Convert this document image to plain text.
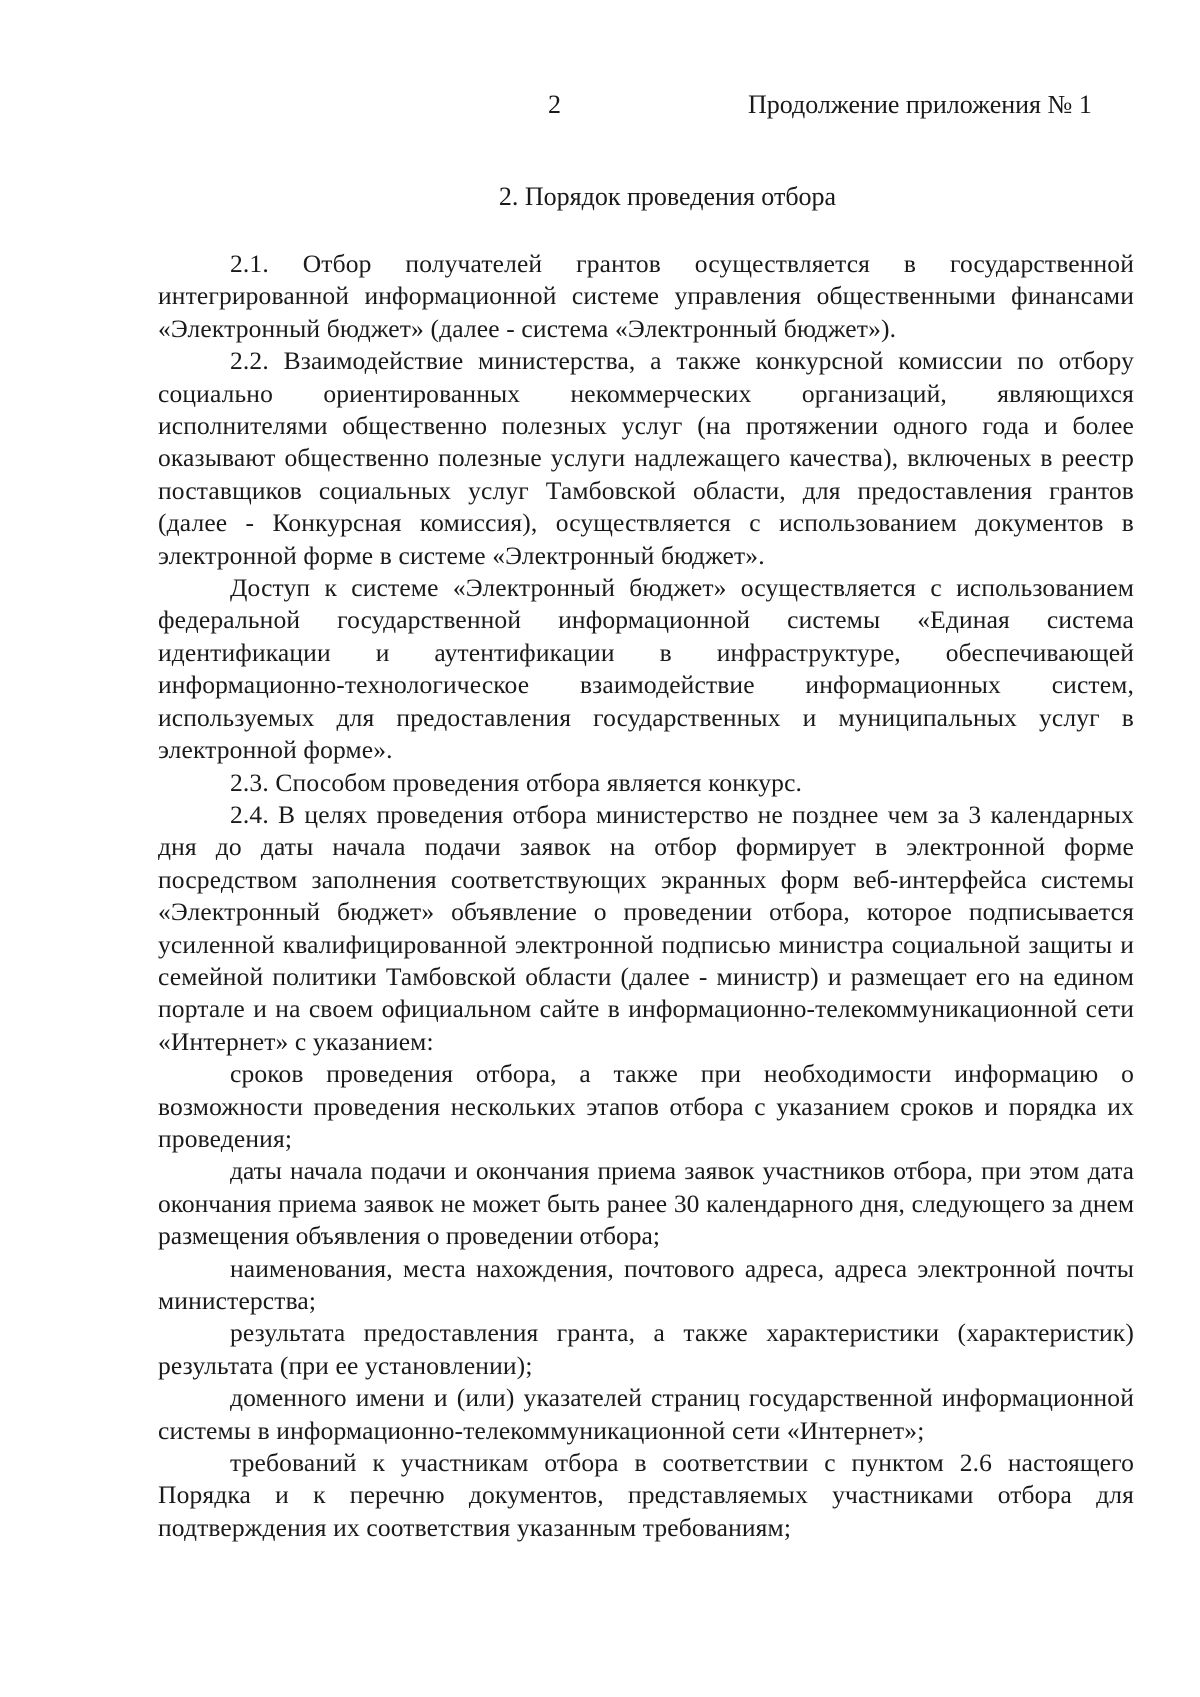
2	Продолжение приложения № 1
2. Порядок проведения отбора

2.1. Отбор получателей грантов осуществляется в государственной интегрированной информационной системе управления общественными финансами «Электронный бюджет» (далее - система «Электронный бюджет»).

2.2. Взаимодействие министерства, а также конкурсной комиссии по отбору социально ориентированных некоммерческих организаций, являющихся исполнителями общественно полезных услуг (на протяжении одного года и более оказывают общественно полезные услуги надлежащего качества), включеных в реестр поставщиков социальных услуг Тамбовской области, для предоставления грантов (далее - Конкурсная комиссия), осуществляется с использованием документов в электронной форме в системе «Электронный бюджет».

Доступ к системе «Электронный бюджет» осуществляется с использованием федеральной государственной информационной системы «Единая система идентификации и аутентификации в инфраструктуре, обеспечивающей информационно-технологическое взаимодействие информационных систем, используемых для предоставления государственных и муниципальных услуг в электронной форме».

2.3. Способом проведения отбора является конкурс.

2.4. В целях проведения отбора министерство не позднее чем за 3 календарных дня до даты начала подачи заявок на отбор формирует в электронной форме посредством заполнения соответствующих экранных форм веб-интерфейса системы «Электронный бюджет» объявление о проведении отбора, которое подписывается усиленной квалифицированной электронной подписью министра социальной защиты и семейной политики Тамбовской области (далее - министр) и размещает его на едином портале и на своем официальном сайте в информационно-телекоммуникационной сети «Интернет» с указанием:

сроков проведения отбора, а также при необходимости информацию о возможности проведения нескольких этапов отбора с указанием сроков и порядка их проведения;

даты начала подачи и окончания приема заявок участников отбора, при этом дата окончания приема заявок не может быть ранее 30 календарного дня, следующего за днем размещения объявления о проведении отбора;

наименования, места нахождения, почтового адреса, адреса электронной почты министерства;

результата предоставления гранта, а также характеристики (характеристик) результата (при ее установлении);

доменного имени и (или) указателей страниц государственной информационной системы в информационно-телекоммуникационной сети «Интернет»;

требований к участникам отбора в соответствии с пунктом 2.6 настоящего Порядка и к перечню документов, представляемых участниками отбора для подтверждения их соответствия указанным требованиям;
